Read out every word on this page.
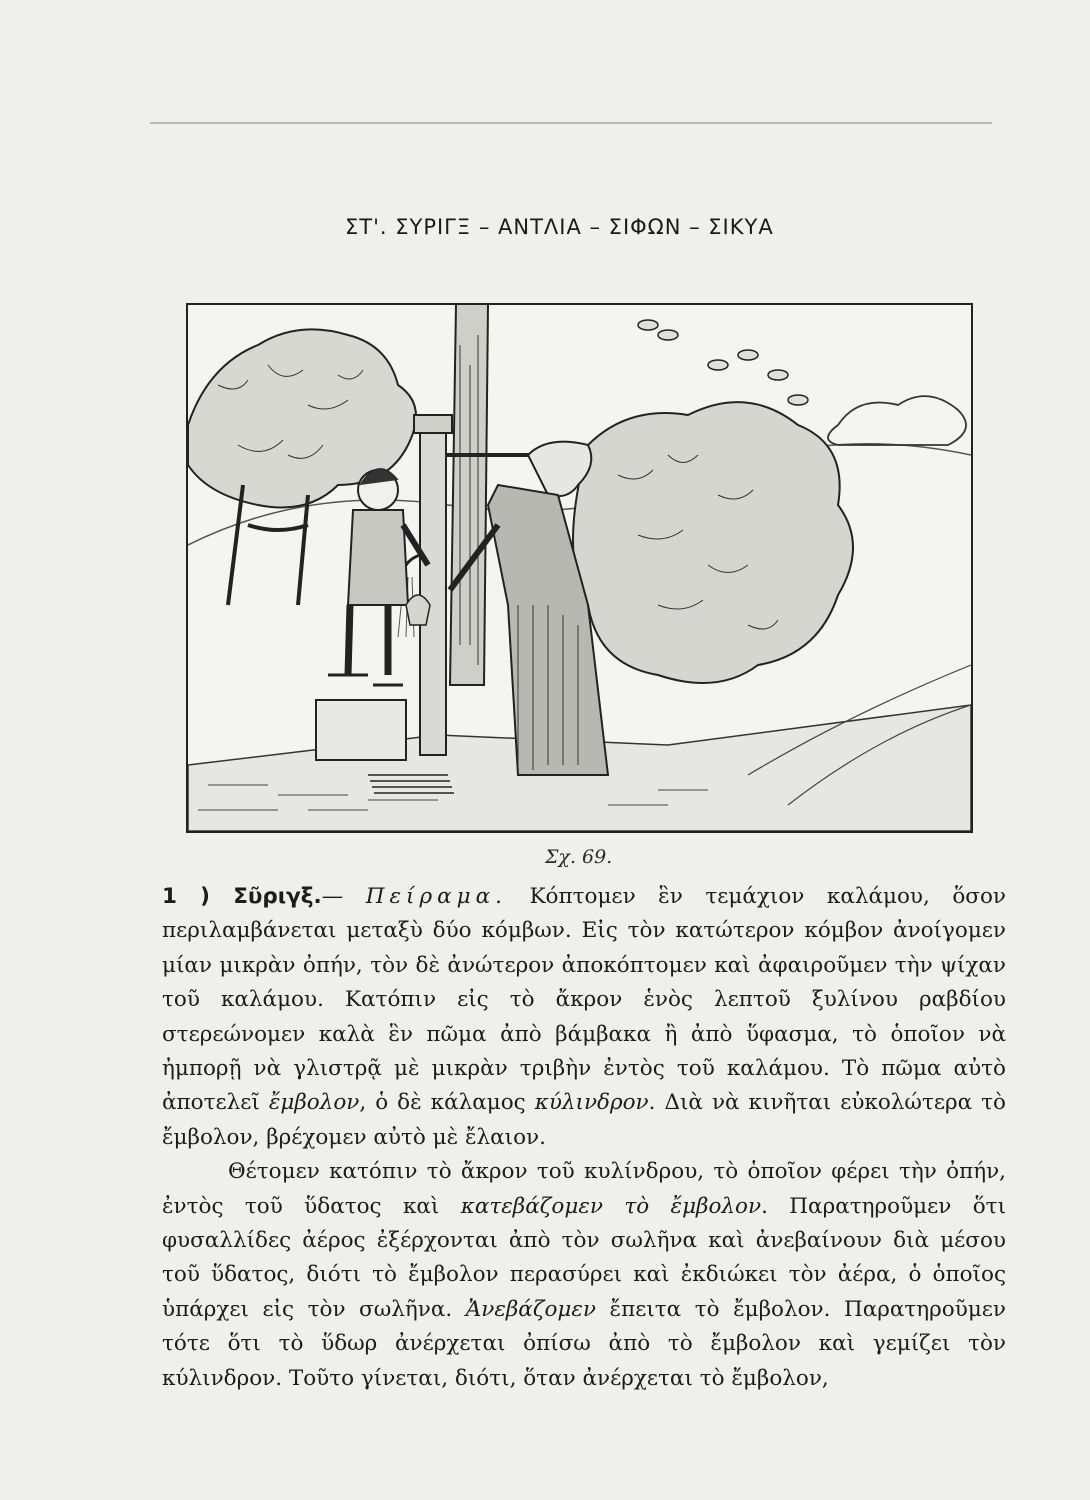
ΣΤ'. ΣΥΡΙΓΞ – ΑΝΤΛΙΑ – ΣΙΦΩΝ – ΣΙΚΥΑ
Σχ. 69.

1 ) Σῦριγξ.— Πείραμα. Κόπτομεν ἓν τεμάχιον καλάμου, ὅσον περιλαμβάνεται μεταξὺ δύο κόμβων. Εἰς τὸν κατώτερον κόμβον ἀνοίγομεν μίαν μικρὰν ὀπήν, τὸν δὲ ἀνώτερον ἀποκόπτομεν καὶ ἀφαιροῦμεν τὴν ψίχαν τοῦ καλάμου. Κατόπιν εἰς τὸ ἄκρον ἑνὸς λεπτοῦ ξυλίνου ραβδίου στερεώνομεν καλὰ ἓν πῶμα ἀπὸ βάμβακα ἢ ἀπὸ ὕφασμα, τὸ ὁποῖον νὰ ἠμπορῇ νὰ γλιστρᾷ μὲ μικρὰν τριβὴν ἐντὸς τοῦ καλάμου. Τὸ πῶμα αὐτὸ ἀποτελεῖ ἔμβολον, ὁ δὲ κάλαμος κύλινδρον. Διὰ νὰ κινῆται εὐκολώτερα τὸ ἔμβολον, βρέχομεν αὐτὸ μὲ ἔλαιον.

Θέτομεν κατόπιν τὸ ἄκρον τοῦ κυλίνδρου, τὸ ὁποῖον φέρει τὴν ὀπήν, ἐντὸς τοῦ ὕδατος καὶ κατεβάζομεν τὸ ἔμβολον. Παρατηροῦμεν ὅτι φυσαλλίδες ἀέρος ἐξέρχονται ἀπὸ τὸν σωλῆνα καὶ ἀνεβαίνουν διὰ μέσου τοῦ ὕδατος, διότι τὸ ἔμβολον περασύρει καὶ ἐκδιώκει τὸν ἀέρα, ὁ ὁποῖος ὑπάρχει εἰς τὸν σωλῆνα. Ἀνεβάζομεν ἔπειτα τὸ ἔμβολον. Παρατηροῦμεν τότε ὅτι τὸ ὕδωρ ἀνέρχεται ὀπίσω ἀπὸ τὸ ἔμβολον καὶ γεμίζει τὸν κύλινδρον. Τοῦτο γίνεται, διότι, ὅταν ἀνέρχεται τὸ ἔμβολον,
